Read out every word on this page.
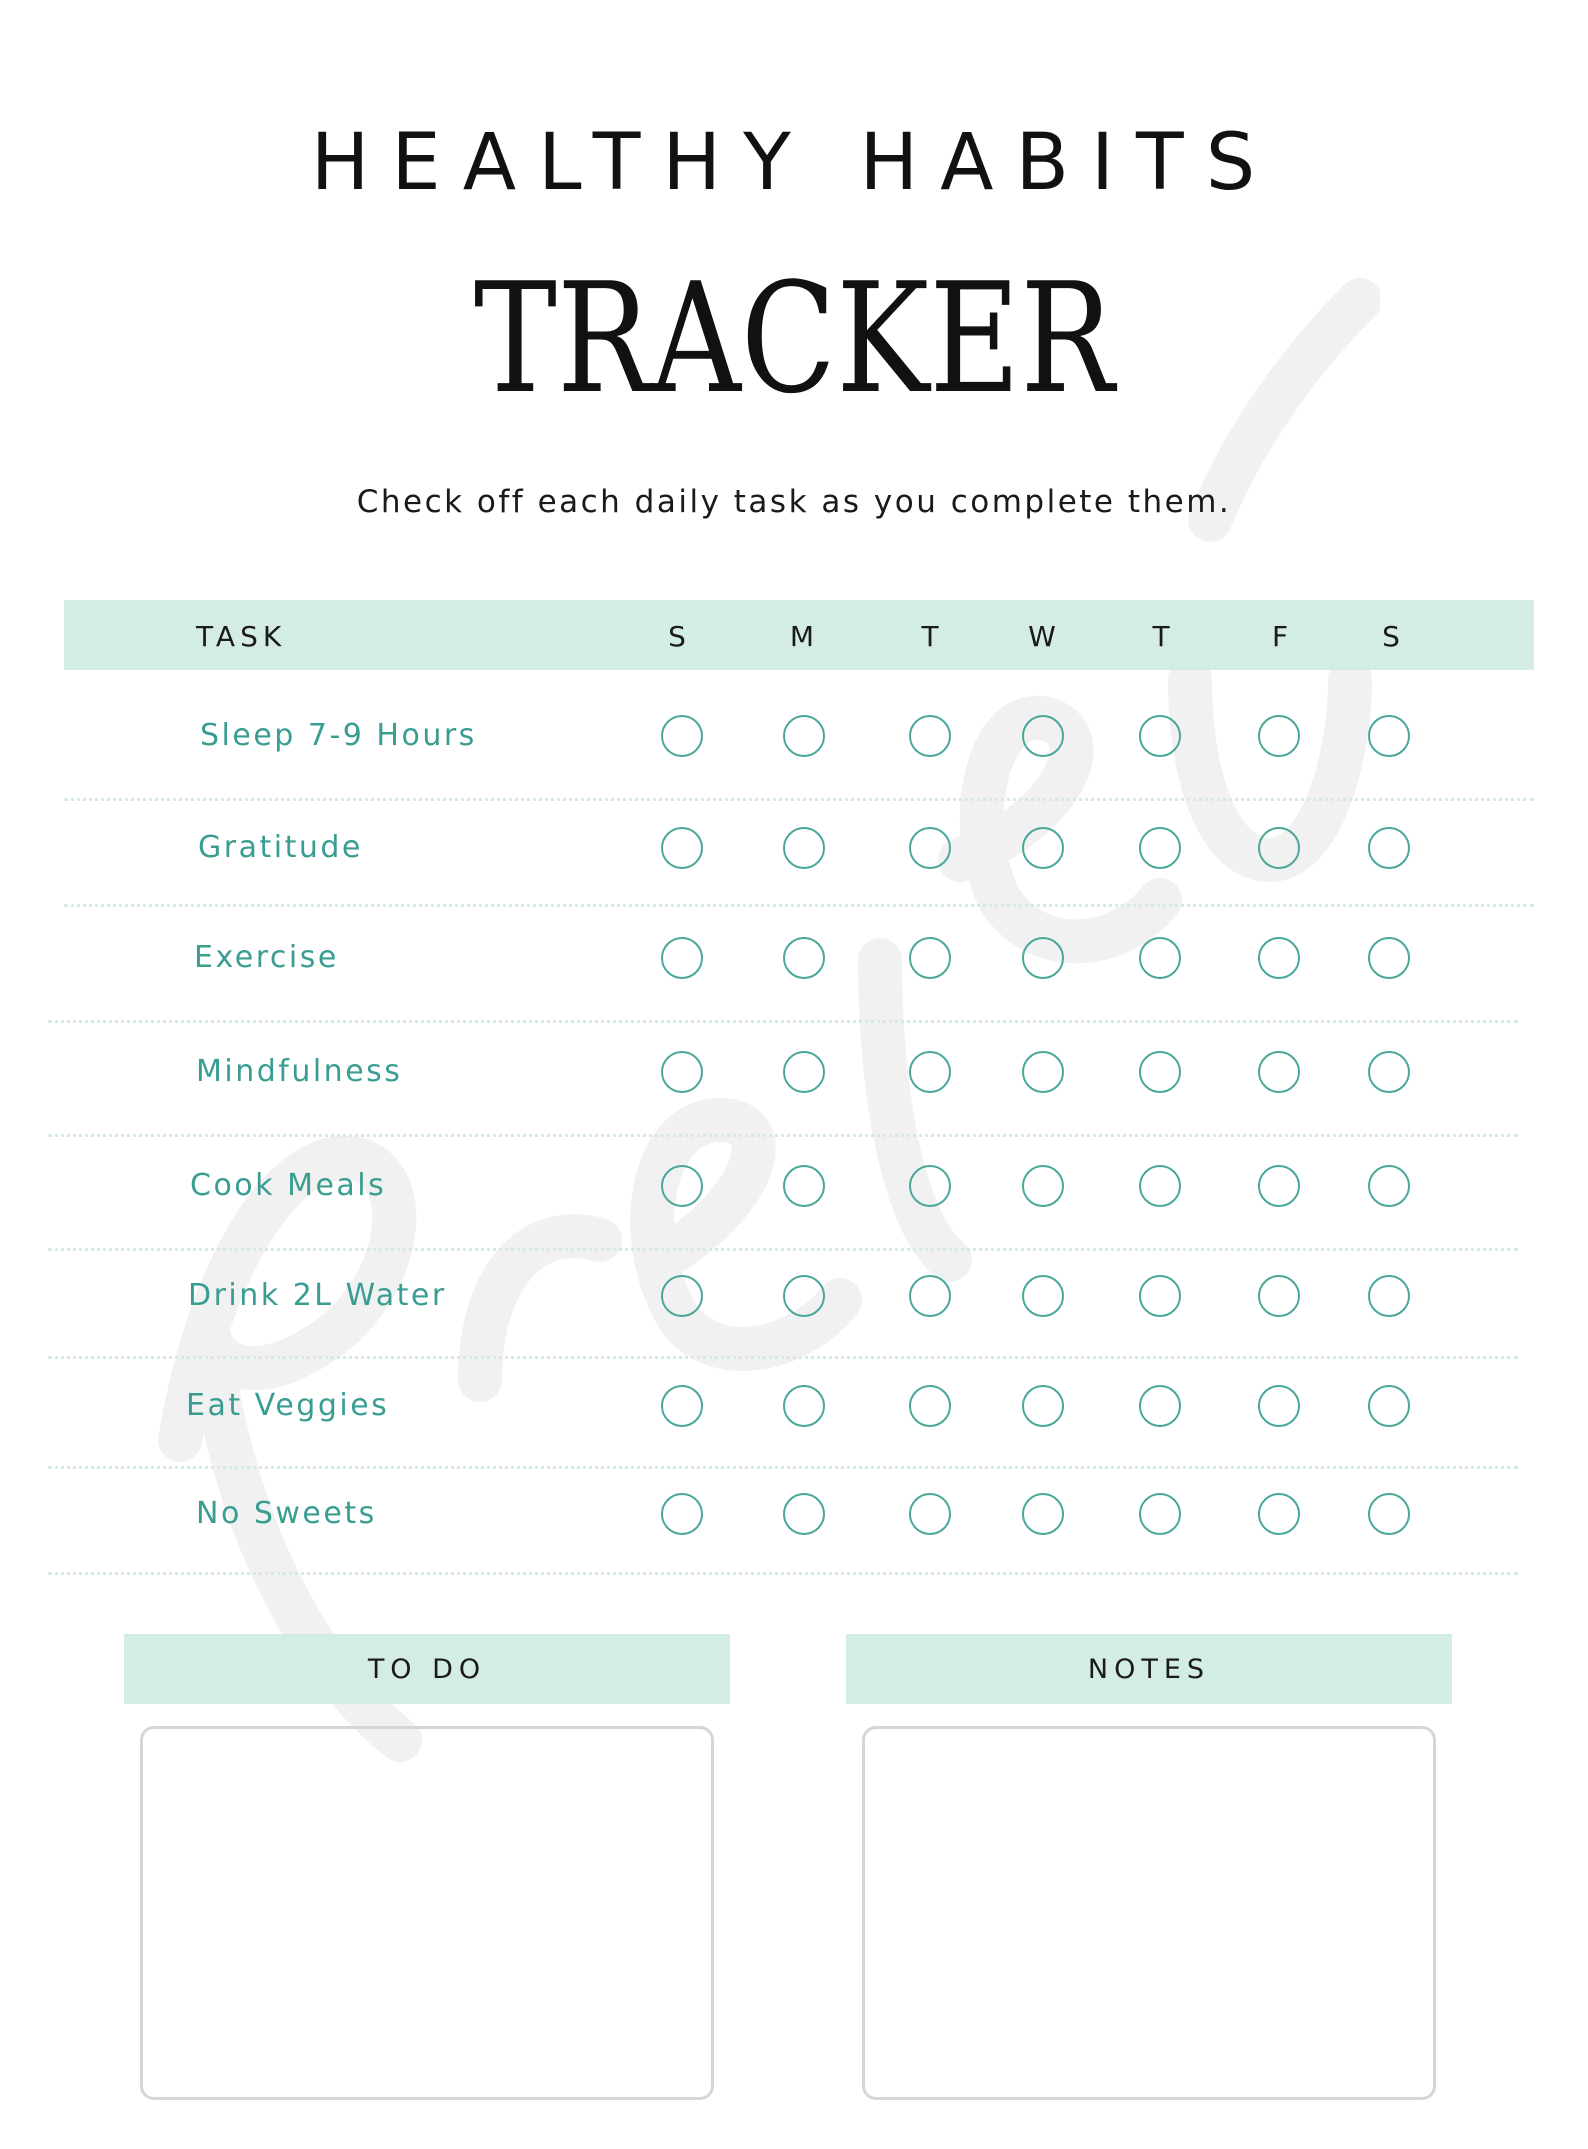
HEALTHY HABITS
TRACKER
Check off each daily task as you complete them.
TASK	S	M	T	W	T	F	S
Sleep 7-9 Hours
Gratitude
Exercise
Mindfulness
Cook Meals
Drink 2L Water
Eat Veggies
No Sweets
TO DO	NOTES
